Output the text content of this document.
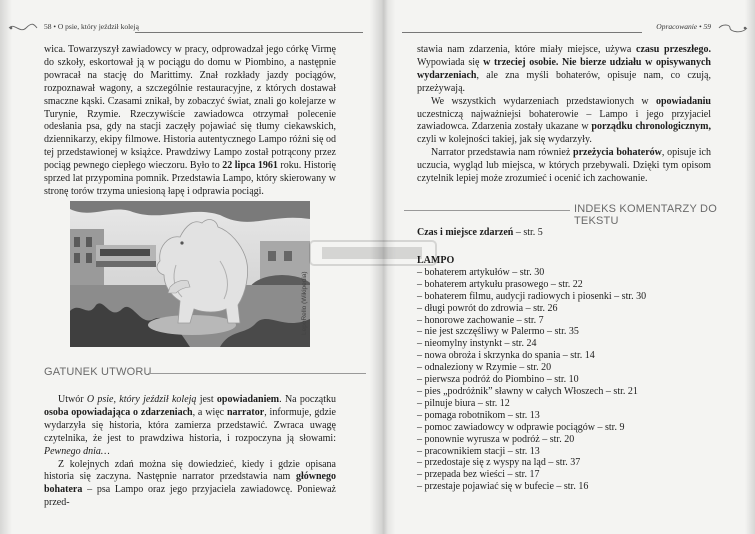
58 • O psie, który jeździł koleją	Opracowanie • 59

wica. Towarzyszył zawiadowcy w pracy, odprowadzał jego córkę Virmę do szkoły, eskortował ją w pociągu do domu w Piombino, a następnie powracał na stację do Marittimy. Znał rozkłady jazdy pociągów, rozpoznawał wagony, a szczególnie restauracyjne, z których dostawał smaczne kąski. Czasami znikał, by zobaczyć świat, znali go kolejarze w Turynie, Rzymie. Rzeczywiście zawiadowca otrzymał polecenie odesłania psa, gdy na stacji zaczęły pojawiać się tłumy ciekawskich, dziennikarzy, ekipy filmowe. Historia autentycznego Lampo różni się od tej przedstawionej w książce. Prawdziwy Lampo został potrącony przez pociąg pewnego ciepłego wieczoru. Było to 22 lipca 1961 roku. Historię sprzed lat przypomina pomnik. Przedstawia Lampo, który skierowany w stronę torów trzyma uniesioną łapę i odprawia pociągi.

LepoRello (Wikipedia)
GATUNEK UTWORU

Utwór O psie, który jeździł koleją jest opowiadaniem. Na początku osoba opowiadająca o zdarzeniach, a więc narrator, informuje, gdzie wydarzyła się historia, która zamierza przedstawić. Zwraca uwagę czytelnika, że jest to prawdziwa historia, i rozpoczyna ją słowami: Pewnego dnia…

Z kolejnych zdań można się dowiedzieć, kiedy i gdzie opisana historia się zaczyna. Następnie narrator przedstawia nam głównego bohatera – psa Lampo oraz jego przyjaciela zawiadowcę. Ponieważ przed-

stawia nam zdarzenia, które miały miejsce, używa czasu przeszłego. Wypowiada się w trzeciej osobie. Nie bierze udziału w opisywanych wydarzeniach, ale zna myśli bohaterów, opisuje nam, co czują, przeżywają.

We wszystkich wydarzeniach przedstawionych w opowiadaniu uczestniczą najważniejsi bohaterowie – Lampo i jego przyjaciel zawiadowca. Zdarzenia zostały ukazane w porządku chronologicznym, czyli w kolejności takiej, jak się wydarzyły.

Narrator przedstawia nam również przeżycia bohaterów, opisuje ich uczucia, wygląd lub miejsca, w których przebywali. Dzięki tym opisom czytelnik lepiej może zrozumieć i ocenić ich zachowanie.

INDEKS KOMENTARZY DO TEKSTU
Czas i miejsce zdarzeń – str. 5
LAMPO
– bohaterem artykułów – str. 30
– bohaterem artykułu prasowego – str. 22
– bohaterem filmu, audycji radiowych i piosenki – str. 30
– długi powrót do zdrowia – str. 26
– honorowe zachowanie – str. 7
– nie jest szczęśliwy w Palermo – str. 35
– nieomylny instynkt – str. 24
– nowa obroża i skrzynka do spania – str. 14
– odnaleziony w Rzymie – str. 20
– pierwsza podróż do Piombino – str. 10
– pies „podróżnik” sławny w całych Włoszech – str. 21
– pilnuje biura – str. 12
– pomaga robotnikom – str. 13
– pomoc zawiadowcy w odprawie pociągów – str. 9
– ponownie wyrusza w podróż – str. 20
– pracownikiem stacji – str. 13
– przedostaje się z wyspy na ląd – str. 37
– przepada bez wieści – str. 17
– przestaje pojawiać się w bufecie – str. 16
